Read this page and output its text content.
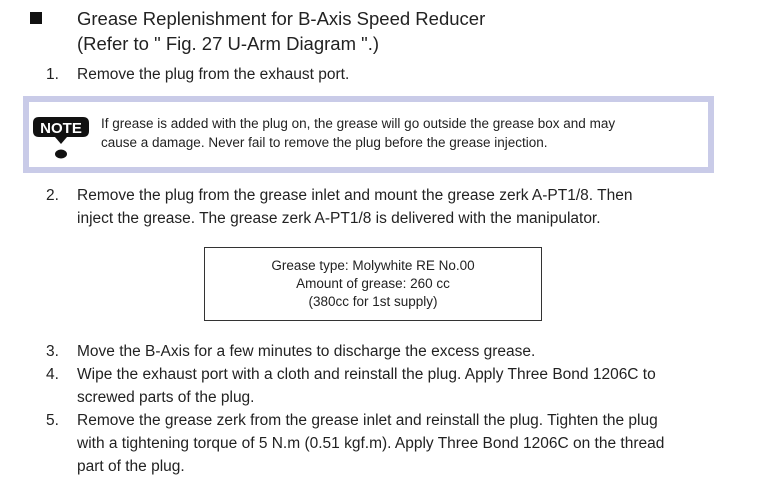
Grease Replenishment for B-Axis Speed Reducer
(Refer to " Fig. 27 U-Arm Diagram ".)
1.	Remove the plug from the exhaust port.
NOTE If grease is added with the plug on, the grease will go outside the grease box and may
cause a damage. Never fail to remove the plug before the grease injection.
2.	Remove the plug from the grease inlet and mount the grease zerk A-PT1/8. Then
inject the grease. The grease zerk A-PT1/8 is delivered with the manipulator.
Grease type: Molywhite RE No.00
Amount of grease: 260 cc
(380cc for 1st supply)
3.	Move the B-Axis for a few minutes to discharge the excess grease.
4.	Wipe the exhaust port with a cloth and reinstall the plug. Apply Three Bond 1206C to
screwed parts of the plug.
5.	Remove the grease zerk from the grease inlet and reinstall the plug. Tighten the plug
with a tightening torque of 5 N.m (0.51 kgf.m). Apply Three Bond 1206C on the thread
part of the plug.
